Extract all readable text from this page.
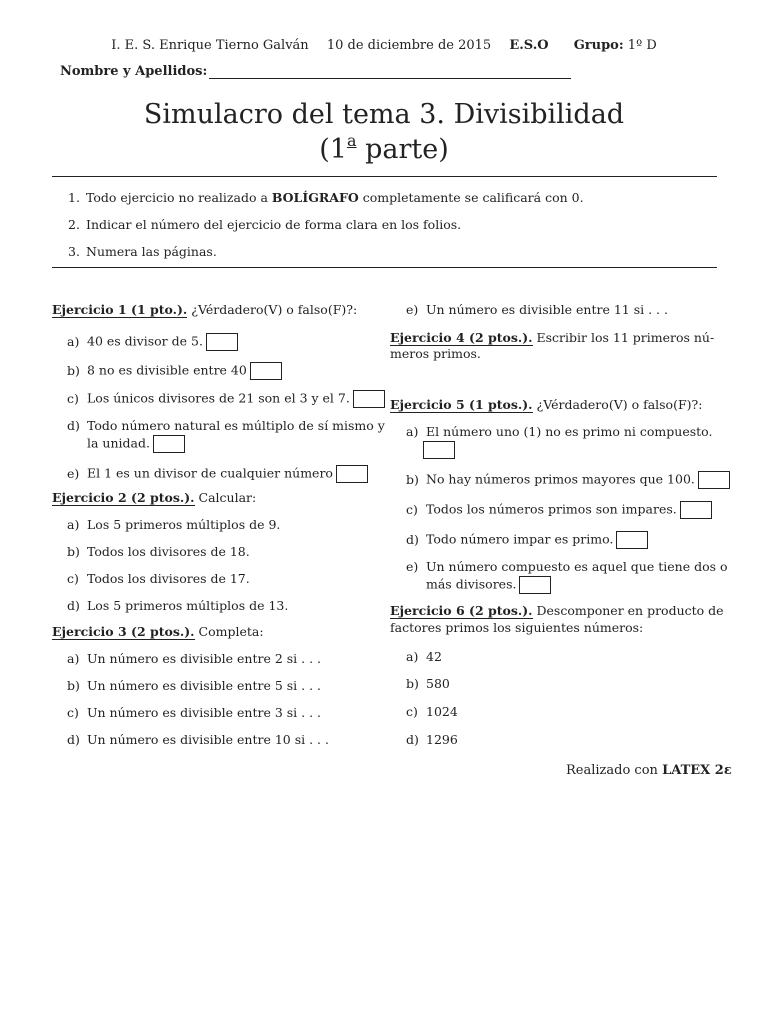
I. E. S. Enrique Tierno Galván 10 de diciembre de 2015 E.S.O Grupo: 1º D
Nombre y Apellidos:
Simulacro del tema 3. Divisibilidad
(1$^a$ parte)
1. Todo ejercicio no realizado a BOLÍGRAFO completamente se calificará con 0.
2. Indicar el número del ejercicio de forma clara en los folios.
3. Numera las páginas.
Ejercicio 1 (1 pto.). ¿Vérdadero(V) o falso(F)?:
a) 40 es divisor de 5.
b) 8 no es divisible entre 40
c) Los únicos divisores de 21 son el 3 y el 7.
d) Todo número natural es múltiplo de sí mismo y
la unidad.
e) El 1 es un divisor de cualquier número
Ejercicio 2 (2 ptos.). Calcular:
a) Los 5 primeros múltiplos de 9.
b) Todos los divisores de 18.
c) Todos los divisores de 17.
d) Los 5 primeros múltiplos de 13.
Ejercicio 3 (2 ptos.). Completa:
a) Un número es divisible entre 2 si . . .
b) Un número es divisible entre 5 si . . .
c) Un número es divisible entre 3 si . . .
d) Un número es divisible entre 10 si . . .
e) Un número es divisible entre 11 si . . .
Ejercicio 4 (2 ptos.). Escribir los 11 primeros nú-
meros primos.
Ejercicio 5 (1 ptos.). ¿Vérdadero(V) o falso(F)?:
a) El número uno (1) no es primo ni compuesto.
b) No hay números primos mayores que 100.
c) Todos los números primos son impares.
d) Todo número impar es primo.
e) Un número compuesto es aquel que tiene dos o
más divisores.
Ejercicio 6 (2 ptos.). Descomponer en producto de
factores primos los siguientes números:
a) 42
b) 580
c) 1024
d) 1296
Realizado con LATEX 2ε
